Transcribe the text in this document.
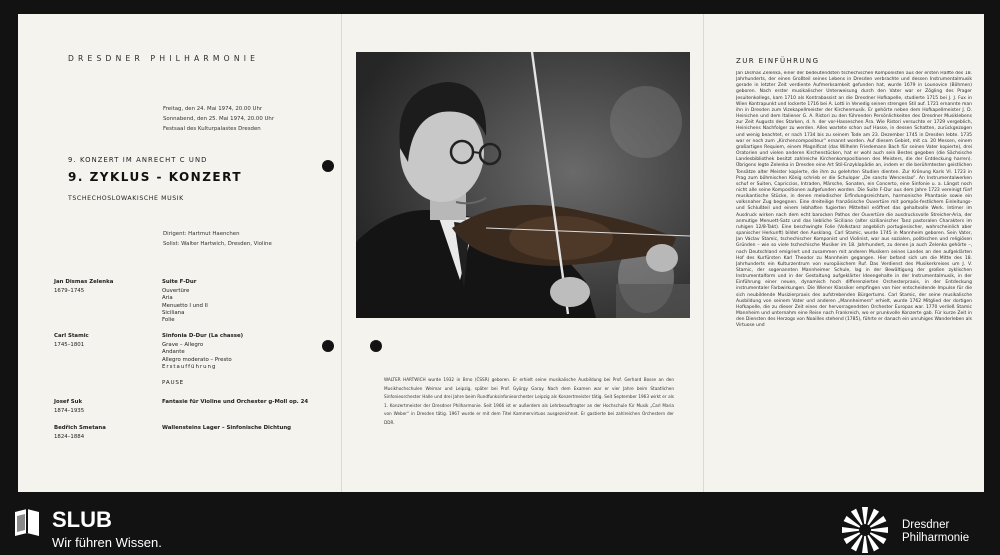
DRESDNER PHILHARMONIE
Freitag, den 24. Mai 1974, 20.00 Uhr
Sonnabend, den 25. Mai 1974, 20.00 Uhr
Festsaal des Kulturpalastes Dresden
9. KONZERT IM ANRECHT C UND
9. ZYKLUS - KONZERT
TSCHECHOSLOWAKISCHE MUSIK
Dirigent: Hartmut Haenchen
Solist: Walter Hartwich, Dresden, Violine
Jan Dismas Zelenka
1679–1745
Suite F-Dur
Ouvertüre
Aria
Menuetto I und II
Siciliana
Folie
Carl Stamic
1745–1801
Sinfonia D-Dur (La chasse)
Grave – Allegro
Andante
Allegro moderato – Presto
Erstaufführung
PAUSE
Josef Suk
1874–1935
Fantasie für Violine und Orchester g-Moll op. 24
Bedřich Smetana
1824–1884
Wallensteins Lager – Sinfonische Dichtung
WALTER HARTWICH wurde 1932 in Brno (ČSSR) geboren. Er erhielt seine musikalische Ausbildung bei Prof. Gerhard Bosse an den Musikhochschulen Weimar und Leipzig, später bei Prof. György Garay. Nach dem Examen war er vier Jahre beim Staatlichen Sinfonieorchester Halle und drei Jahre beim Rundfunksinfonieorchester Leipzig als Konzertmeister tätig. Seit September 1963 wirkt er als 1. Konzertmeister der Dresdner Philharmonie. Seit 1966 ist er außerdem als Lehrbeauftragter an der Hochschule für Musik „Carl Maria von Weber“ in Dresden tätig. 1967 wurde er mit dem Titel Kammervirtuos ausgezeichnet. Er gastierte bei zahlreichen Orchestern der DDR.
ZUR EINFÜHRUNG
Jan Dismas Zelenka, einer der bedeutendsten tschechischen Komponisten aus der ersten Hälfte des 18. Jahrhunderts, der einen Großteil seines Lebens in Dresden verbrachte und dessen Instrumentalmusik gerade in letzter Zeit verdiente Aufmerksamkeit gefunden hat, wurde 1679 in Lounovice (Böhmen) geboren. Nach erster musikalischer Unterweisung durch den Vater war er Zögling des Prager Jesuitenkollegs, kam 1710 als Kontrabassist an die Dresdner Hofkapelle, studierte 1715 bei J. J. Fux in Wien Kontrapunkt und lockerte 1716 bei A. Lotti in Venedig seinen strengen Stil auf. 1721 ernannte man ihn in Dresden zum Vizekapellmeister der Kirchenmusik. Er gehörte neben dem Hofkapellmeister J. D. Heinichen und dem Italiener G. A. Ristori zu den führenden Persönlichkeiten des Dresdner Musiklebens zur Zeit Augusts des Starken, d. h. der vor-Hasseschen Ära. Wie Ristori versuchte er 1729 vergeblich, Heinichens Nachfolger zu werden. Alles wartete schon auf Hasse, in dessen Schatten, zurückgezogen und wenig beachtet, er nach 1734 bis zu seinem Tode am 23. Dezember 1745 in Dresden lebte. 1735 war er noch zum „Kirchencompositeur“ ernannt worden. Auf diesem Gebiet, mit ca. 20 Messen, einem großartigen Requiem, einem Magnificat (das Wilhelm Friedemann Bach für seinen Vater kopierte), drei Oratorien und vielen anderen Kirchenstücken, hat er wohl auch sein Bestes gegeben (die Sächsische Landesbibliothek besitzt zahlreiche Kirchenkompositionen des Meisters, die der Entdeckung harren). Übrigens legte Zelenka in Dresden eine Art Stil-Enzyklopädie an, indem er die berühmtesten geistlichen Tonsätze alter Meister kopierte, die ihm zu gelehrten Studien dienten. Zur Krönung Karls VI. 1723 in Prag zum böhmischen König schrieb er die Schuloper „De sancto Wenceslao“. An Instrumentalwerken schuf er Suiten, Capriccios, Intraden, Märsche, Sonaten, ein Concerto, eine Sinfonie u. a. Längst noch nicht alle seine Kompositionen aufgefunden worden. Die Suite F-Dur aus dem Jahre 1723 vereinigt fünf musikantische Stücke, in denen melodischer Erfindungsreichtum, harmonische Phantasie sowie ein volksnaher Zug begegnen. Eine dreiteilige französische Ouvertüre mit pompös-festlichem Einleitungs- und Schlußteil und einem lebhaften fugierten Mittelteil eröffnet das gehaltvolle Werk. Intimer im Ausdruck wirken nach dem echt barocken Pathos der Ouvertüre die ausdrucksvolle Streicher-Aria, der anmutige Menuett-Satz und das liebliche Siciliano (alter sizilianischer Tanz pastoralen Charakters im ruhigen 12/8-Takt). Eine beschwingte Folie (Volkstanz angeblich portugiesischer, wahrscheinlich aber spanischer Herkunft) bildet den Ausklang. Carl Stamic, wurde 1745 in Mannheim geboren. Sein Vater, Jan Václav Stamic, tschechischer Komponist und Violinist, war aus sozialen, politischen und religiösen Gründen – wie so viele tschechische Musiker im 18. Jahrhundert, zu denen ja auch Zelenka gehörte –, nach Deutschland emigriert und zusammen mit anderen Musikern seines Landes an den aufgeklärten Hof des Kurfürsten Karl Theodor zu Mannheim gegangen. Hier befand sich um die Mitte des 18. Jahrhunderts ein Kulturzentrum von europäischem Ruf. Das Verdienst des Musikerkreises um J. V. Stamic, der sogenannten Mannheimer Schule, lag in der Bewältigung der großen zyklischen Instrumentalform und in der Gestaltung aufgeklärter Ideengehalte in der Instrumentalmusik, in der Einführung einer neuen, dynamisch hoch differenzierten Orchesterpraxis, in der Entdeckung instrumentaler Farbwirkungen. Die Wiener Klassiker empfingen von hier entscheidende Impulse für die sich neubildende Musizierpraxis des aufstrebenden Bürgertums. Carl Stamic, der seine musikalische Ausbildung von seinem Vater und anderen „Mannheimern“ erhielt, wurde 1762 Mitglied der dortigen Hofkapelle, die zu dieser Zeit eines der hervorragendsten Orchester Europas war. 1770 verließ Stamic Mannheim und unternahm eine Reise nach Frankreich, wo er prunkvolle Konzerte gab. Für kurze Zeit in den Diensten des Herzogs von Noailles stehend (1785), führte er danach ein unruhiges Wanderleben als Virtuose und
SLUB
Wir führen Wissen.
Dresdner
Philharmonie
